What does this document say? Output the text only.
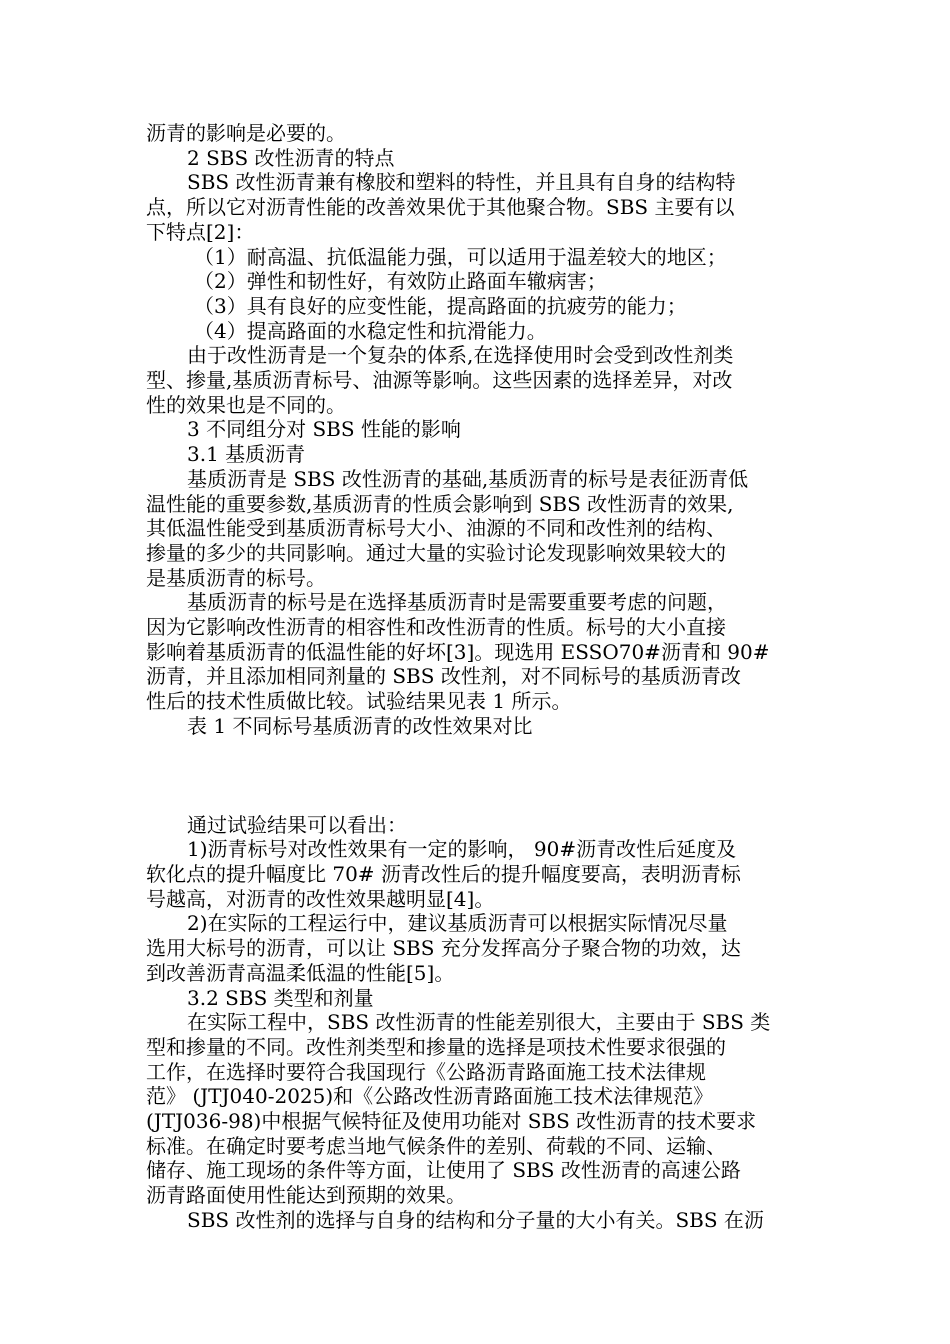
沥青的影响是必要的。
2 SBS 改性沥青的特点
SBS 改性沥青兼有橡胶和塑料的特性，并且具有自身的结构特
点，所以它对沥青性能的改善效果优于其他聚合物。SBS 主要有以
下特点[2]：
（1）耐高温、抗低温能力强，可以适用于温差较大的地区；
（2）弹性和韧性好，有效防止路面车辙病害；
（3）具有良好的应变性能，提高路面的抗疲劳的能力；
（4）提高路面的水稳定性和抗滑能力。
由于改性沥青是一个复杂的体系,在选择使用时会受到改性剂类
型、掺量,基质沥青标号、油源等影响。这些因素的选择差异，对改
性的效果也是不同的。
3 不同组分对 SBS 性能的影响
3.1 基质沥青
基质沥青是 SBS 改性沥青的基础,基质沥青的标号是表征沥青低
温性能的重要参数,基质沥青的性质会影响到 SBS 改性沥青的效果,
其低温性能受到基质沥青标号大小、油源的不同和改性剂的结构、
掺量的多少的共同影响。通过大量的实验讨论发现影响效果较大的
是基质沥青的标号。
基质沥青的标号是在选择基质沥青时是需要重要考虑的问题，
因为它影响改性沥青的相容性和改性沥青的性质。标号的大小直接
影响着基质沥青的低温性能的好坏[3]。现选用 ESSO70#沥青和 90#
沥青，并且添加相同剂量的 SBS 改性剂，对不同标号的基质沥青改
性后的技术性质做比较。试验结果见表 1 所示。
表 1 不同标号基质沥青的改性效果对比
通过试验结果可以看出：
1)沥青标号对改性效果有一定的影响， 90#沥青改性后延度及
软化点的提升幅度比 70# 沥青改性后的提升幅度要高，表明沥青标
号越高，对沥青的改性效果越明显[4]。
2)在实际的工程运行中，建议基质沥青可以根据实际情况尽量
选用大标号的沥青，可以让 SBS 充分发挥高分子聚合物的功效，达
到改善沥青高温柔低温的性能[5]。
3.2 SBS 类型和剂量
在实际工程中，SBS 改性沥青的性能差别很大，主要由于 SBS 类
型和掺量的不同。改性剂类型和掺量的选择是项技术性要求很强的
工作，在选择时要符合我国现行《公路沥青路面施工技术法律规
范》 (JTJ040-2025)和《公路改性沥青路面施工技术法律规范》
(JTJ036-98)中根据气候特征及使用功能对 SBS 改性沥青的技术要求
标准。在确定时要考虑当地气候条件的差别、荷载的不同、运输、
储存、施工现场的条件等方面，让使用了 SBS 改性沥青的高速公路
沥青路面使用性能达到预期的效果。
SBS 改性剂的选择与自身的结构和分子量的大小有关。SBS 在沥
